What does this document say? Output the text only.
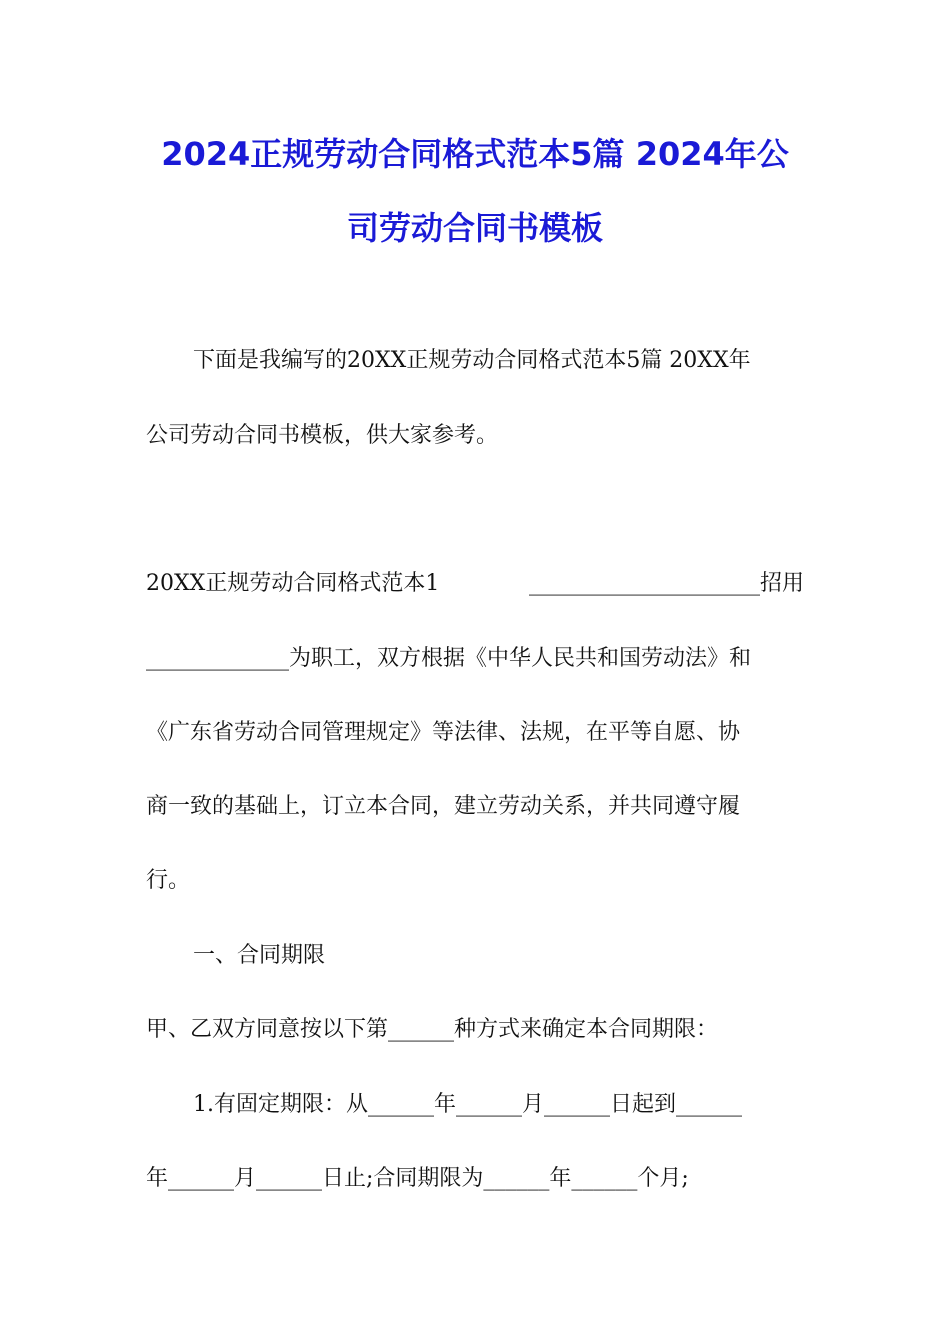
2024正规劳动合同格式范本5篇 2024年公
司劳动合同书模板
下面是我编写的20XX正规劳动合同格式范本5篇 20XX年
公司劳动合同书模板，供大家参考。
20XX正规劳动合同格式范本1	_____________________招用
_____________为职工，双方根据《中华人民共和国劳动法》和
《广东省劳动合同管理规定》等法律、法规，在平等自愿、协
商一致的基础上，订立本合同，建立劳动关系，并共同遵守履
行。
一、合同期限
甲、乙双方同意按以下第______种方式来确定本合同期限：
1.有固定期限：从______年______月______日起到______
年______月______日止;合同期限为______年______个月;
